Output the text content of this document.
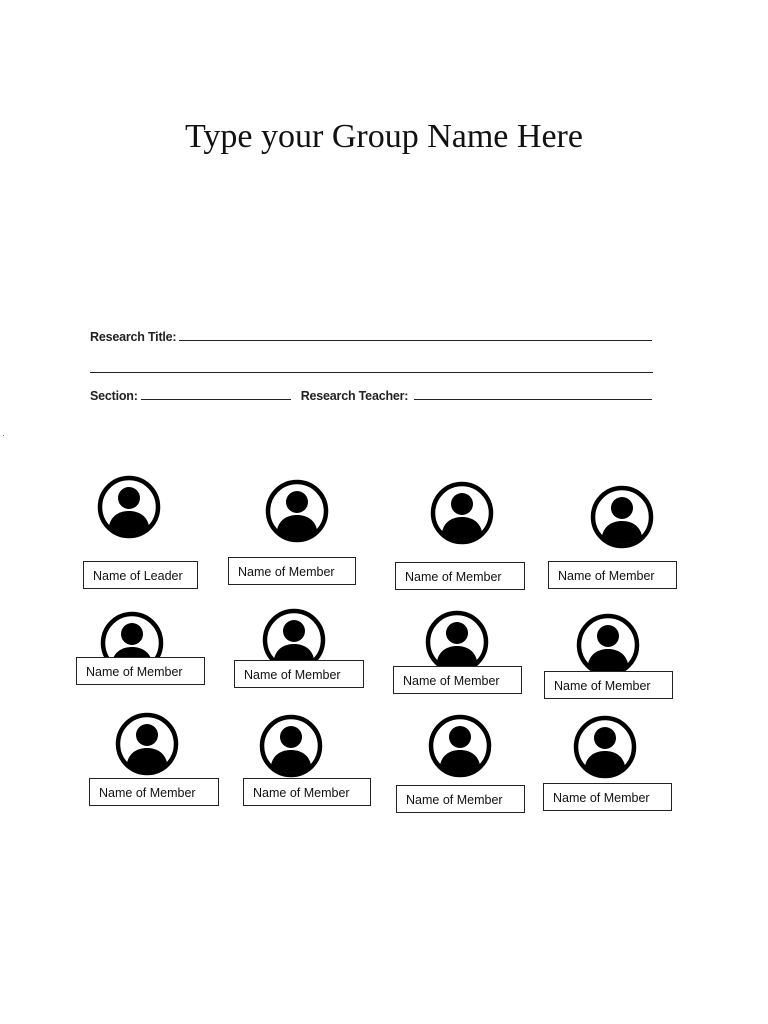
Type your Group Name Here
Research Title:
Section:	Research Teacher:
Name of Leader	Name of Member	Name of Member	Name of Member
Name of Member	Name of Member	Name of Member	Name of Member
Name of Member	Name of Member	Name of Member	Name of Member
